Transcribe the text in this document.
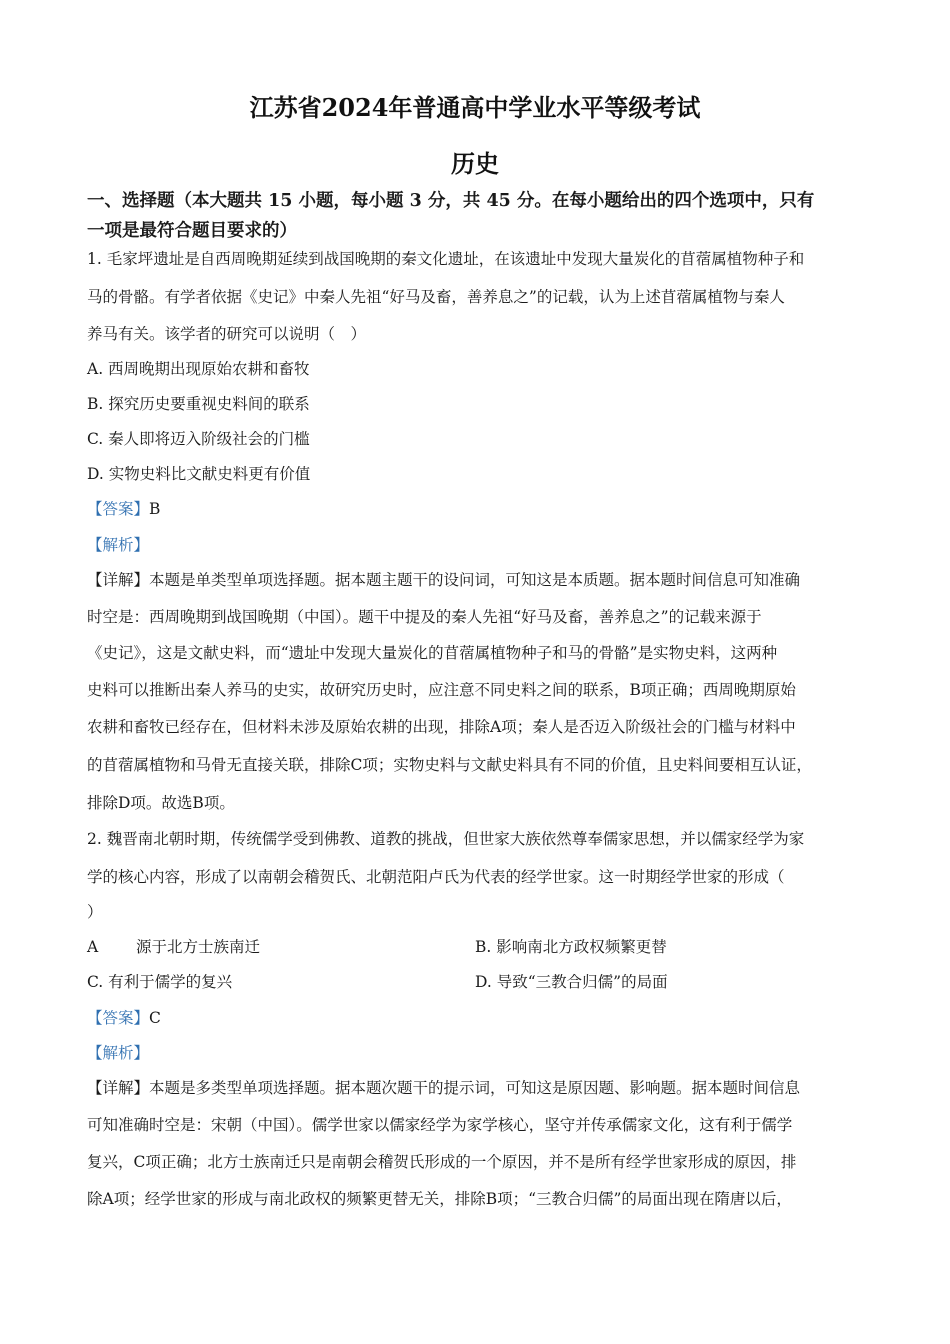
江苏省2024年普通高中学业水平等级考试
历史
一、选择题（本大题共 15 小题，每小题 3 分，共 45 分。在每小题给出的四个选项中，只有
一项是最符合题目要求的）
1. 毛家坪遗址是自西周晚期延续到战国晚期的秦文化遗址，在该遗址中发现大量炭化的苜蓿属植物种子和
马的骨骼。有学者依据《史记》中秦人先祖“好马及畜，善养息之”的记载，认为上述苜蓿属植物与秦人
养马有关。该学者的研究可以说明（　）
A. 西周晚期出现原始农耕和畜牧
B. 探究历史要重视史料间的联系
C. 秦人即将迈入阶级社会的门槛
D. 实物史料比文献史料更有价值
【答案】B
【解析】
【详解】本题是单类型单项选择题。据本题主题干的设问词，可知这是本质题。据本题时间信息可知准确
时空是：西周晚期到战国晚期（中国）。题干中提及的秦人先祖“好马及畜，善养息之”的记载来源于
《史记》，这是文献史料，而“遗址中发现大量炭化的苜蓿属植物种子和马的骨骼”是实物史料，这两种
史料可以推断出秦人养马的史实，故研究历史时，应注意不同史料之间的联系，B项正确；西周晚期原始
农耕和畜牧已经存在，但材料未涉及原始农耕的出现，排除A项；秦人是否迈入阶级社会的门槛与材料中
的苜蓿属植物和马骨无直接关联，排除C项；实物史料与文献史料具有不同的价值，且史料间要相互认证，
排除D项。故选B项。
2. 魏晋南北朝时期，传统儒学受到佛教、道教的挑战，但世家大族依然尊奉儒家思想，并以儒家经学为家
学的核心内容，形成了以南朝会稽贺氏、北朝范阳卢氏为代表的经学世家。这一时期经学世家的形成（
）
A 源于北方士族南迁	B. 影响南北方政权频繁更替
C. 有利于儒学的复兴	D. 导致“三教合归儒”的局面
【答案】C
【解析】
【详解】本题是多类型单项选择题。据本题次题干的提示词，可知这是原因题、影响题。据本题时间信息
可知准确时空是：宋朝（中国）。儒学世家以儒家经学为家学核心，坚守并传承儒家文化，这有利于儒学
复兴，C项正确；北方士族南迁只是南朝会稽贺氏形成的一个原因，并不是所有经学世家形成的原因，排
除A项；经学世家的形成与南北政权的频繁更替无关，排除B项；“三教合归儒”的局面出现在隋唐以后，
